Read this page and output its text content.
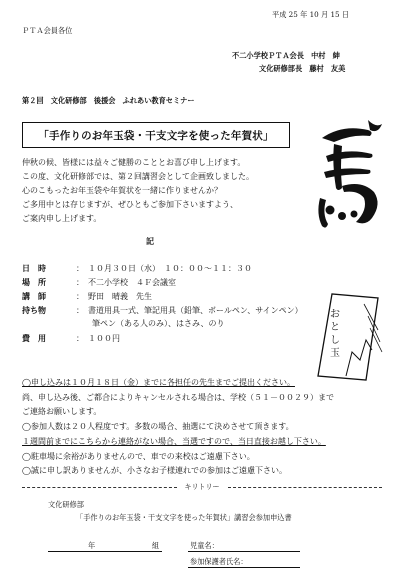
平成 25 年 10 月 15 日
ＰＴＡ会員各位
不二小学校ＰＴＡ会長　中村　紳
文化研修部長　藤村　友美
第２回　文化研修部　後援会　ふれあい教育セミナー
「手作りのお年玉袋・干支文字を使った年賀状」
仲秋の候、皆様には益々ご健勝のこととお喜び申し上げます。
この度、文化研修部では、第２回講習会として企画致しました。
心のこもったお年玉袋や年賀状を一緒に作りませんか？
ご多用中とは存じますが、ぜひともご参加下さいますよう、
ご案内申し上げます。
記
日　時	：　１０月３０日（水）　１０：００～１１：３０
場　所	：　不二小学校　４Ｆ会議室
講　師	：　野田　晴義　先生
持ち物	：　書道用具一式、筆記用具（鉛筆、ボールペン、サインペン）
　　筆ペン（ある人のみ）、はさみ、のり
費　用	：　１００円
おとし玉
◯申し込みは１０月１８日（金）までに各担任の先生までご提出ください。
尚、申し込み後、ご都合によりキャンセルされる場合は、学校（５１－００２９）まで
ご連絡お願いします。
◯参加人数は２０人程度です。多数の場合、抽選にて決めさせて頂きます。
１週間前までにこちらから連絡がない場合、当選ですので、当日直接お越し下さい。
◯駐車場に余裕がありませんので、車での来校はご遠慮下さい。
◯誠に申し訳ありませんが、小さなお子様連れでの参加はご遠慮下さい。
キリトリー
文化研修部
「手作りのお年玉袋・干支文字を使った年賀状」講習会参加申込書
年	組	児童名：
参加保護者氏名：
